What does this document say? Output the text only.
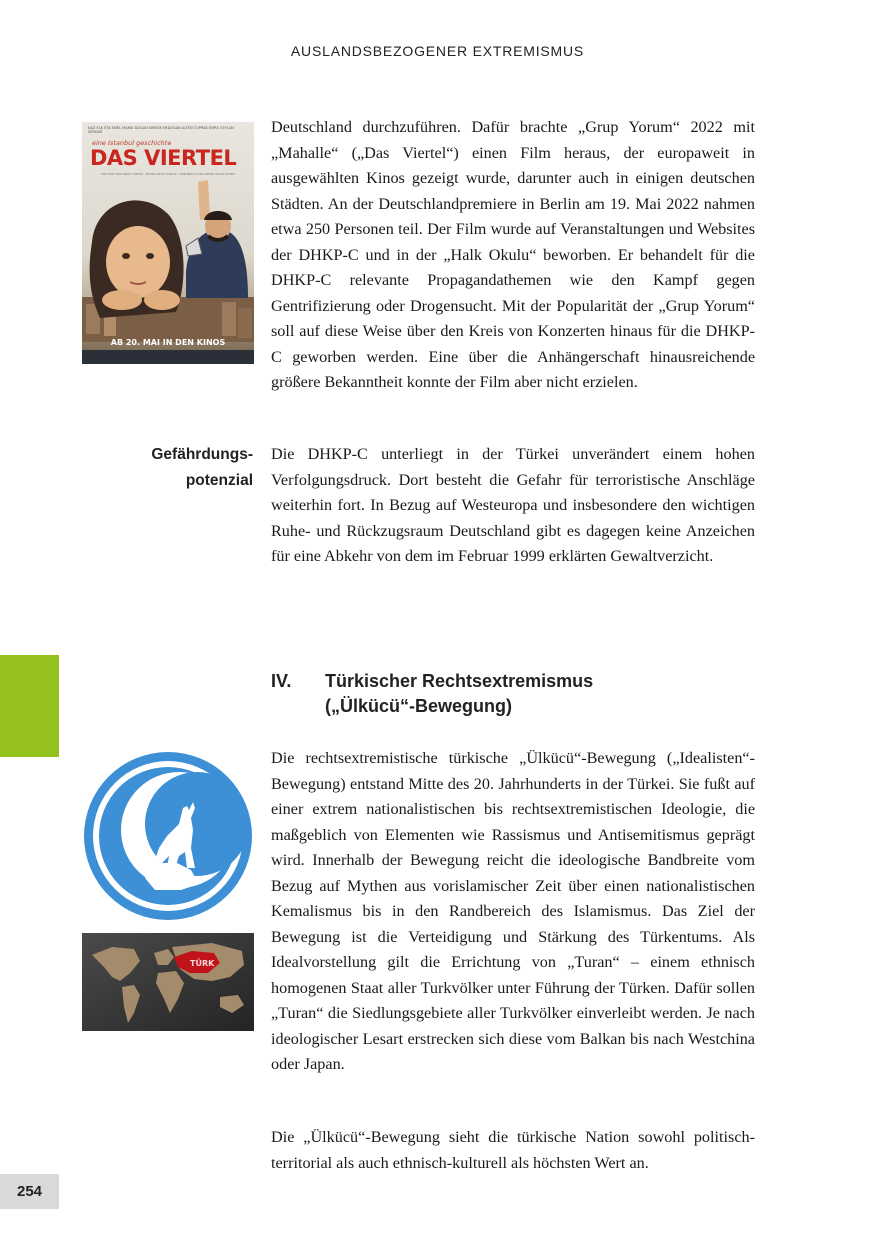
AUSLANDSBEZOGENER EXTREMISMUS
NAZ ELK ETA EMEL MARIA DOGAN SIMSEK ERDOGAN ALTEN TOPRAK EMRE CEYLAN SERDAR
eine Istanbul geschichte
DAS VIERTEL
EIN FILM VON GRUP YORUM · MUSIK GRUP YORUM · DREHBUCH UND REGIE IHSAN ALTEN
AB 20. MAI IN DEN KINOS

Deutschland durchzuführen. Dafür brachte „Grup Yorum“ 2022 mit „Mahalle“ („Das Viertel“) einen Film heraus, der europaweit in ausgewählten Kinos gezeigt wurde, darunter auch in einigen deutschen Städten. An der Deutschlandpremiere in Berlin am 19. Mai 2022 nahmen etwa 250 Personen teil. Der Film wurde auf Veranstaltungen und Websites der DHKP-C und in der „Halk Okulu“ beworben. Er behandelt für die DHKP-C relevante Propagandathemen wie den Kampf gegen Gentrifizierung oder Drogensucht. Mit der Popularität der „Grup Yorum“ soll auf diese Weise über den Kreis von Konzerten hinaus für die DHKP-C geworben werden. Eine über die Anhängerschaft hinausreichende größere Bekanntheit konnte der Film aber nicht erzielen.

Gefährdungs-
potenzial

Die DHKP-C unterliegt in der Türkei unverändert einem hohen Verfolgungsdruck. Dort besteht die Gefahr für terroristische Anschläge weiterhin fort. In Bezug auf Westeuropa und insbesondere den wichtigen Ruhe- und Rückzugsraum Deutschland gibt es dagegen keine Anzeichen für eine Abkehr von dem im Februar 1999 erklärten Gewaltverzicht.

IV. Türkischer Rechtsextremismus
(„Ülkücü“-Bewegung)
TÜRK

Die rechtsextremistische türkische „Ülkücü“-Bewegung („Idealisten“-Bewegung) entstand Mitte des 20. Jahrhunderts in der Türkei. Sie fußt auf einer extrem nationalistischen bis rechtsextremistischen Ideologie, die maßgeblich von Elementen wie Rassismus und Antisemitismus geprägt wird. Innerhalb der Bewegung reicht die ideologische Bandbreite vom Bezug auf Mythen aus vorislamischer Zeit über einen nationalistischen Kemalismus bis in den Randbereich des Islamismus. Das Ziel der Bewegung ist die Verteidigung und Stärkung des Türkentums. Als Idealvorstellung gilt die Errichtung von „Turan“ – einem ethnisch homogenen Staat aller Turkvölker unter Führung der Türken. Dafür sollen „Turan“ die Siedlungsgebiete aller Turkvölker einverleibt werden. Je nach ideologischer Lesart erstrecken sich diese vom Balkan bis nach Westchina oder Japan.

Die „Ülkücü“-Bewegung sieht die türkische Nation sowohl politisch-territorial als auch ethnisch-kulturell als höchsten Wert an.

254
